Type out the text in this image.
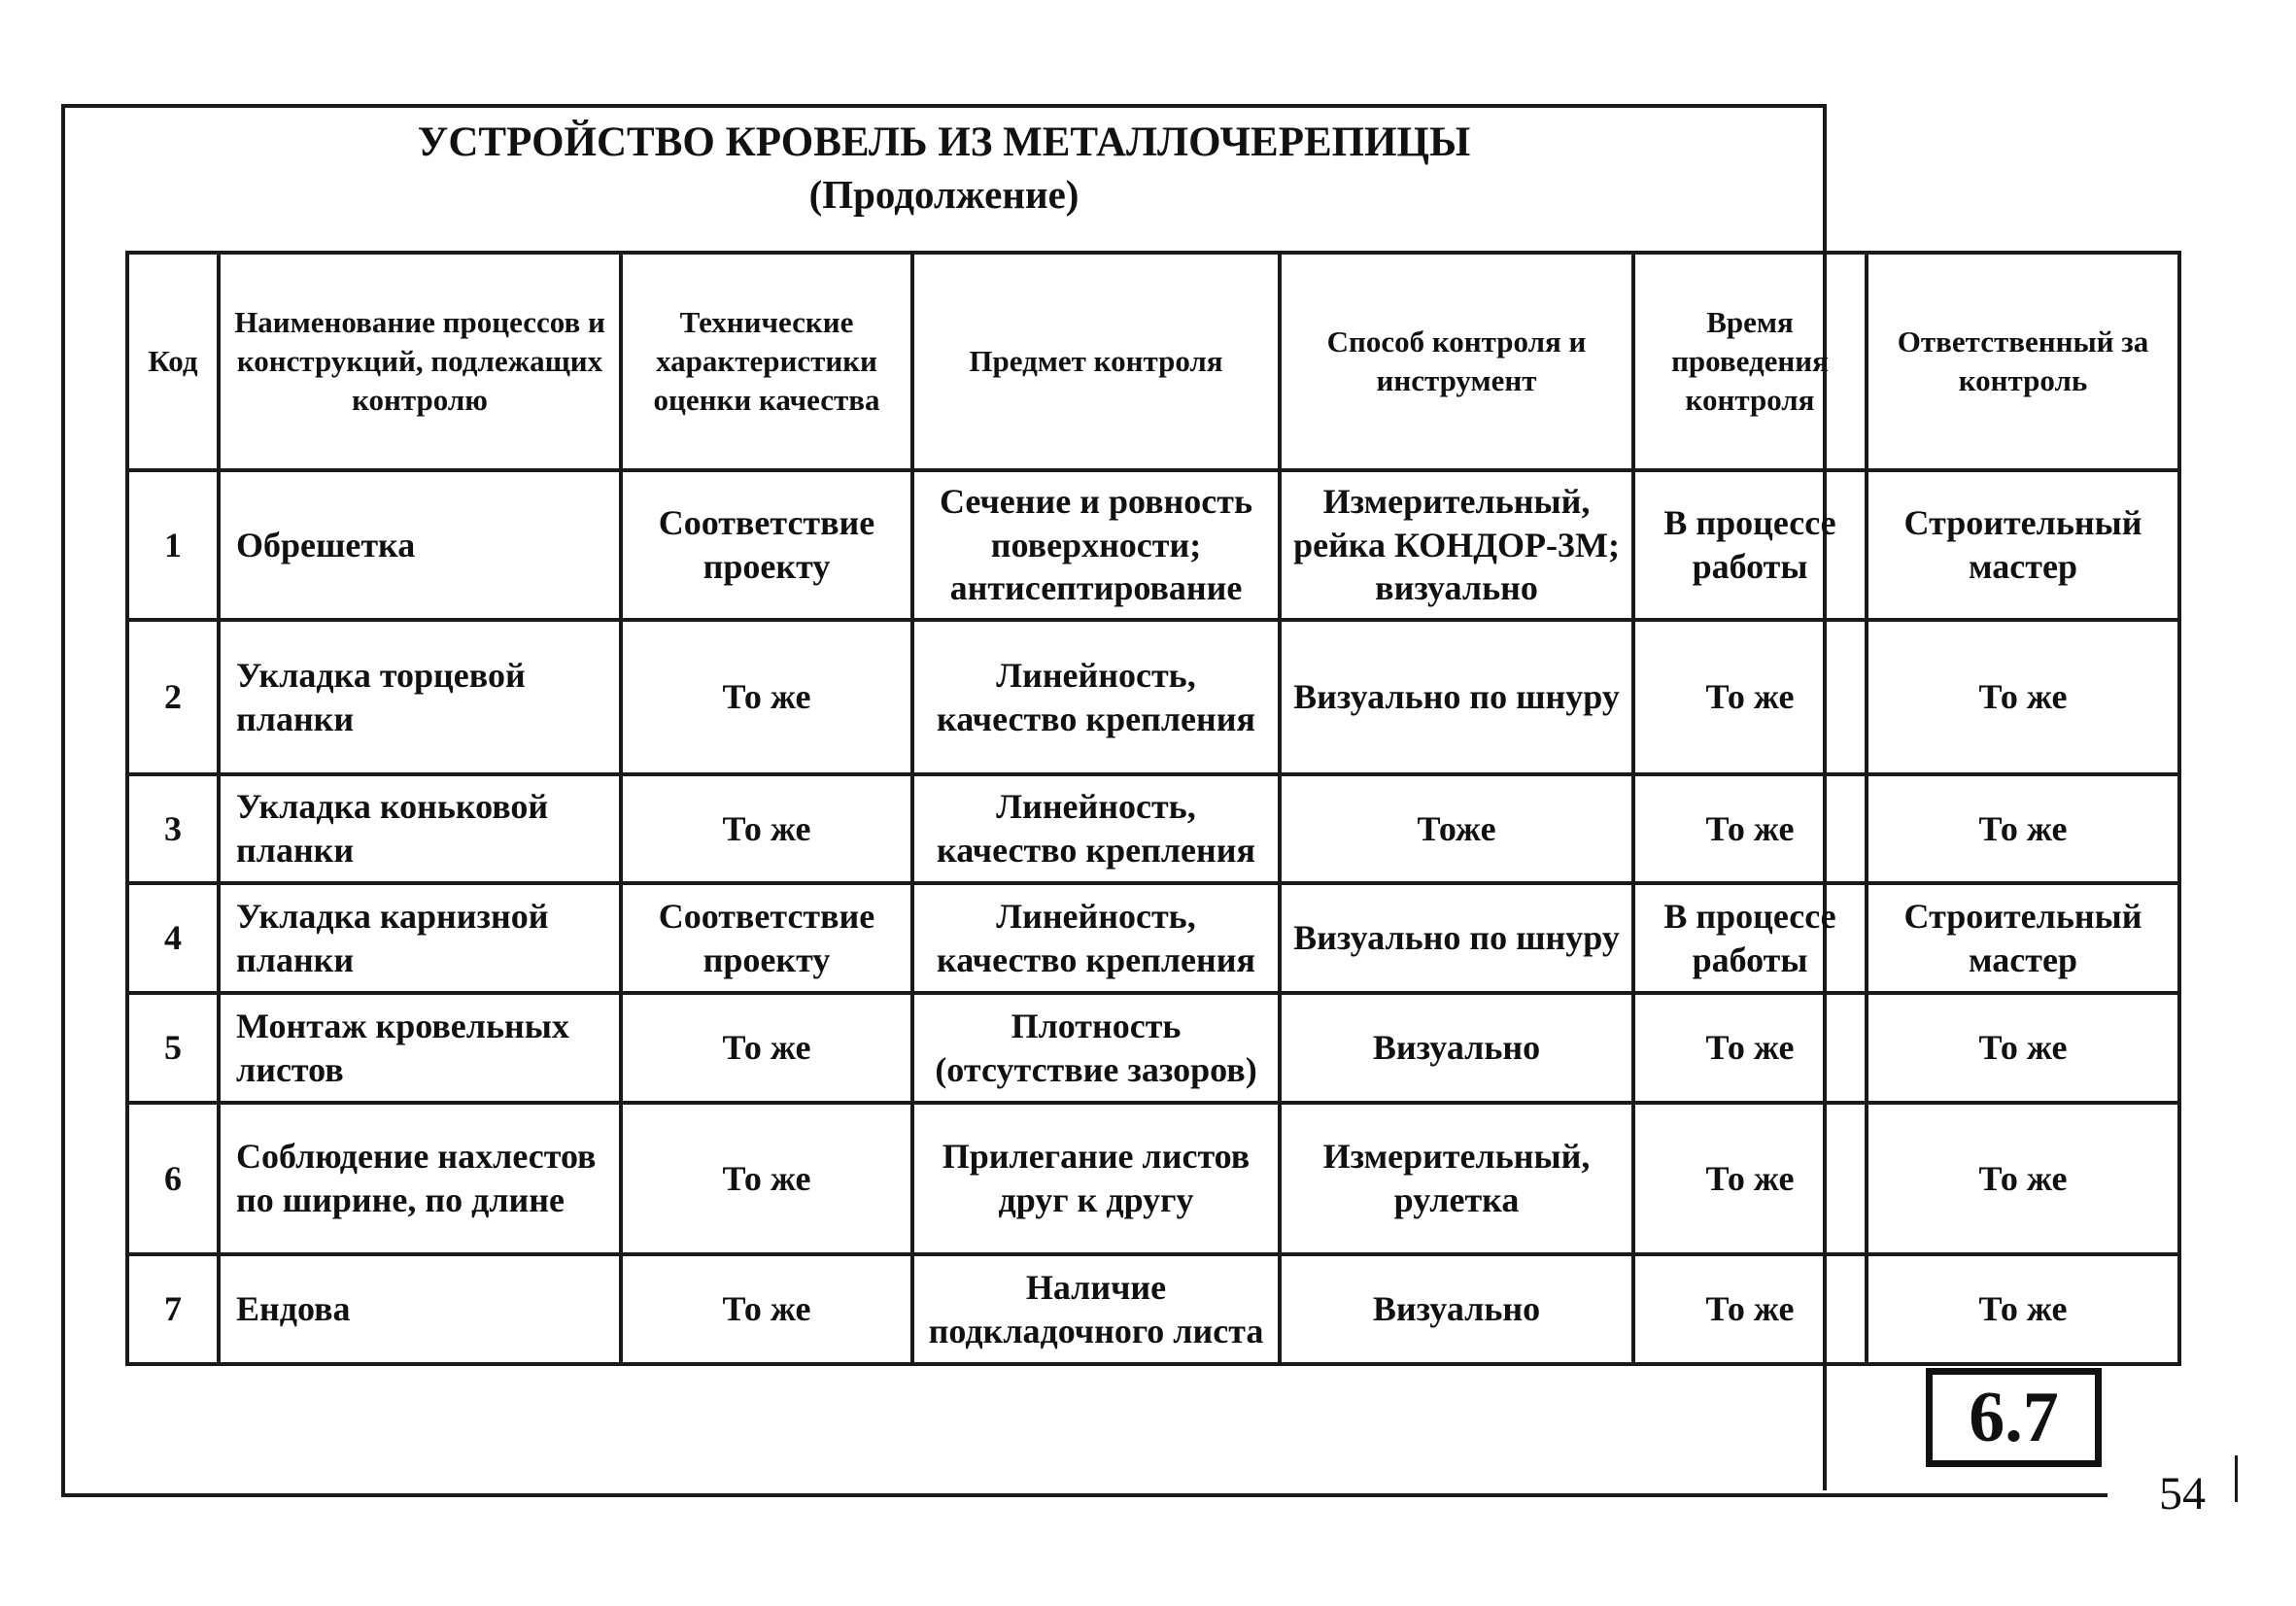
УСТРОЙСТВО КРОВЕЛЬ ИЗ МЕТАЛЛОЧЕРЕПИЦЫ
(Продолжение)
Код	Наименование процессов и конструкций, подлежащих контролю	Технические характеристики оценки качества	Предмет контроля	Способ контроля и инструмент	Время проведения контроля	Ответственный за контроль
1	Обрешетка	Соответствие проекту	Сечение и ровность поверхности; антисептирование	Измерительный, рейка КОНДОР-3М; визуально	В процессе работы	Строительный мастер
2	Укладка торцевой планки	То же	Линейность, качество крепления	Визуально по шнуру	То же	То же
3	Укладка коньковой планки	То же	Линейность, качество крепления	Тоже	То же	То же
4	Укладка карнизной планки	Соответствие проекту	Линейность, качество крепления	Визуально по шнуру	В процессе работы	Строительный мастер
5	Монтаж кровельных листов	То же	Плотность (отсутствие зазоров)	Визуально	То же	То же
6	Соблюдение нахлестов по ширине, по длине	То же	Прилегание листов друг к другу	Измерительный, рулетка	То же	То же
7	Ендова	То же	Наличие подкладочного листа	Визуально	То же	То же
6.7
54
